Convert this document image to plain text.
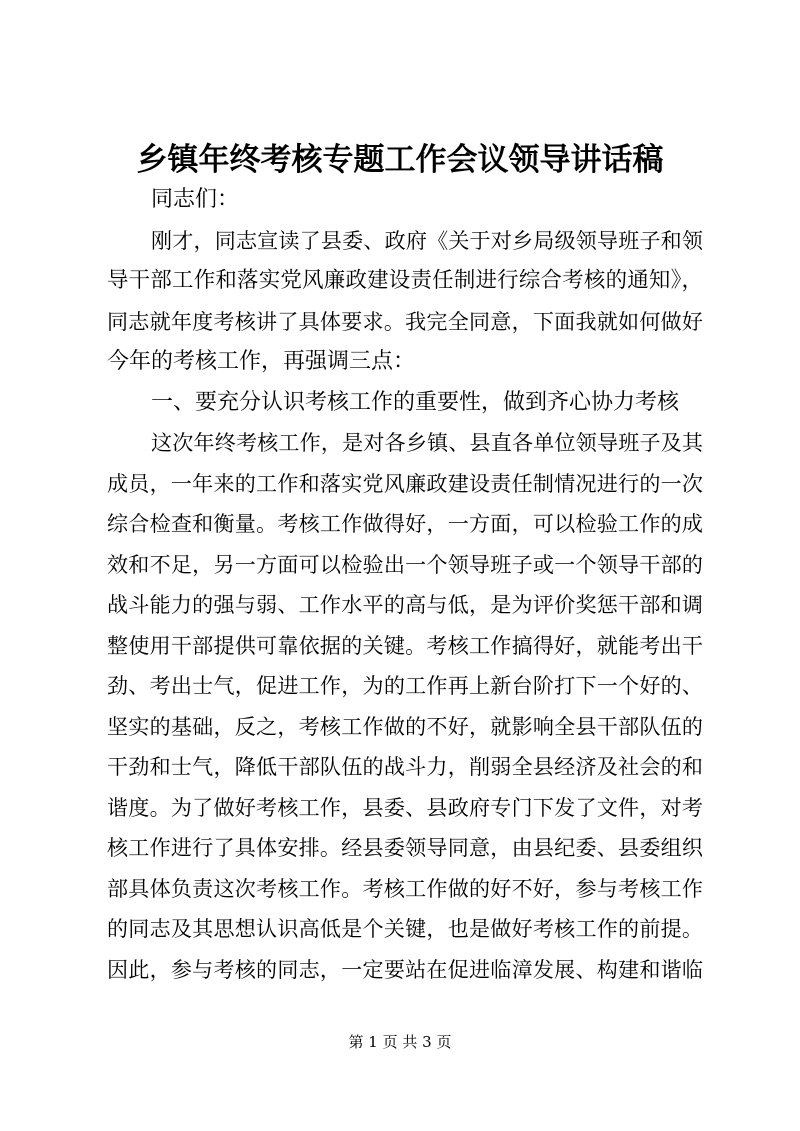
乡镇年终考核专题工作会议领导讲话稿
同志们：
刚才，同志宣读了县委、政府《关于对乡局级领导班子和领
导干部工作和落实党风廉政建设责任制进行综合考核的通知》，
同志就年度考核讲了具体要求。我完全同意，下面我就如何做好
今年的考核工作，再强调三点：
一、要充分认识考核工作的重要性，做到齐心协力考核
这次年终考核工作，是对各乡镇、县直各单位领导班子及其
成员，一年来的工作和落实党风廉政建设责任制情况进行的一次
综合检查和衡量。考核工作做得好，一方面，可以检验工作的成
效和不足，另一方面可以检验出一个领导班子或一个领导干部的
战斗能力的强与弱、工作水平的高与低，是为评价奖惩干部和调
整使用干部提供可靠依据的关键。考核工作搞得好，就能考出干
劲、考出士气，促进工作，为的工作再上新台阶打下一个好的、
坚实的基础，反之，考核工作做的不好，就影响全县干部队伍的
干劲和士气，降低干部队伍的战斗力，削弱全县经济及社会的和
谐度。为了做好考核工作，县委、县政府专门下发了文件，对考
核工作进行了具体安排。经县委领导同意，由县纪委、县委组织
部具体负责这次考核工作。考核工作做的好不好，参与考核工作
的同志及其思想认识高低是个关键，也是做好考核工作的前提。
因此，参与考核的同志，一定要站在促进临漳发展、构建和谐临
第 1 页 共 3 页
